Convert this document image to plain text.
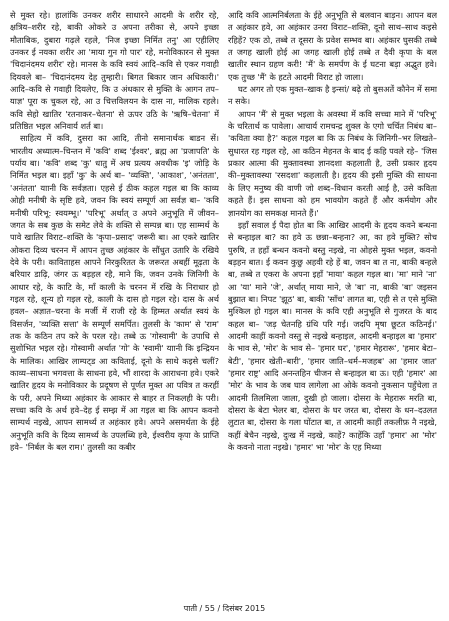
से मुक्त रहे। हालांकि उनकर शरीर साधारने आदमी के शरीर रहे, क्षत्रिय–शरीर रहे, बाकी ओकरे उ अपना तरीका से, अपने इच्छा मौताबिक, दुबारा गढ़ले रहले, 'निज इच्छा निर्मित तनु' आ एहीलिए उनकर ई नयका शरीर आ 'माया गुन गो पार' रहे, मनोविकारन से मुक्त 'चिदानंदमय शरीर' रहे। मानस के कवि स्वयं आदि–कवि से एकर गवाही दियवले बा– 'चिदानंदमय देह तुम्हारी। बिगत बिकार जान अधिकारी।' आदि–कवि से गवाही दियलेए, कि उ अंधकार से मुक्ति के आगन तप–याज्ञ' पूरा क चुकल रहे, आ उ चित्तविलयन के दास ना, मालिक रहले। कवि सेहो खातिर 'रतनाकर–चेतना' से ऊपर उठि के 'ऋषि–चेतना' में प्रतिष्ठित भइल अनिवार्य शर्त बा।

साहित्य में कवि, दुसरा का आदि, तीनो समानार्थक बाडन सें। भारतीय अध्यात्म–चिन्तन में 'कवि' शब्द 'ईश्वर', ब्रह्म आ 'प्रजापति' के पर्याय बा। 'कवि' शब्द 'कु' धातु में अच प्रत्यय अवधीक 'इ' जोड़ि के निर्मित भइल बा। इहाँ 'कु' के अर्थ बा– 'व्यक्ति', 'आकाश', 'अनंतता', 'अनंतता' याानी कि सर्वज्ञता। एहसे ई ठीक कहल गइल बा कि काव्य ओही मनीषी के सृष्टि हवे, जवन कि स्वयं सम्पूर्ण आ सर्वज्ञ बा– 'कवि मनीषी परिभू: स्वयम्भू।' 'परिभू' अर्थात् उ अपने अनुभूति में जीवन–जगत के सब कुछ के समेट लेवे के शक्ति से सम्पन्न बा। एह साम्मर्थ के पावे खातिर विराट–शक्ति के 'कृपा–प्रसाद' जरूरी बा। आ एकरे खातिर ओकरा दिव्य चरनन में आपन तुच्छ अहंकार के सौंधुत उतारि के रखिये देवे के परी। काविताहस आपने निरकुरितत के जरूरत अबहीं मूढ़ता के बरियार डाढ़ि, जंगर ऊ बड़हल रहै, माने कि, जवन उनके जिनिगी के आधार रहे, के काटि के, माँ काली के चरनन में रखि के निराधार हो गइल रहे, शून्य हो गइल रहे, काली के दास हो गइल रहे। दास के अर्थ हवल– अज्ञात–चरना के मर्जी में राजी रहे के हिम्मत अर्थात स्वयं के विसर्जन, 'व्यक्ति सत्ता' के सम्पूर्ण समर्पित। तुलसी के 'काम' से 'राम' तक के कठिन तप करे के परल रहे। तब्बे ऊ 'गोस्वामी' के उपाधि से सुशोभित भइल रहे। गोस्वामी अर्थात 'गो' के 'स्वामी' याानी कि इन्द्रियन के मालिक। आखिर लाम्पट्ड आ कविताई, दूनो के साथे कइसे चलीं? काव्य–साधना भगवत्ता के साधना हवे, भौं शारदा के आराधना हवे। एकरे खातिर हृदय के मनोविकार के प्रदूषण से पूर्णत मुक्त आ पवित्र त करहीं के परी, अपने मिथ्या अहंकार के आकार से बाहर त निकलही के परी। सच्चा कवि के अर्थ हवे–देह ई सम्झ में आ गइल बा कि आपन कवनो साम्पर्थ नइखे, आपन सामर्थ्य त अहंकार हवे। अपने असमर्थता के ईहे अनुभूति कवि के दिव्य सामर्थ्य के उपलब्धि हवे, ईश्वरीय कृपा के प्राप्ति हवे– 'निर्बल के बल राम।' तुलसी का कबीर

आदि कवि आत्मनिर्बलता के ईहे अनुभूति से बलवान बाड़न। आपन बल त अहंकार हवे, आ अहंकार उनरा विराट–शक्ति, दूनो साथ–साथ कइसे रहिहें? एक ठो, तब्बे त दूसरा के प्रवेश सम्भव बा। अहंकार घुसकी तब्बे त जगह खाली होई आ जगह खाली होई तब्बे त दैवी कृपा के बल खातीर स्थान ग्रहण करी! 'मैं' के समर्पण के ई घटना बड़ा अद्भुत हवे। एक तुच्छ 'मैं' के हटते आदमी विराट हो जाला।

घट अगर तो एक मुक्त–खाक है इन्सां/ बढ़े तो बुसअतें कौनेन में समा न सके।

आपन 'मैं' से मुक्त भइला के अवस्था में कवि सच्चा माने में 'परिभू' के चरितार्थ क पावेला। आचार्य रामचन्द्र शुक्ल के एगो चर्चित निबंध बा– 'कविता क्या है?' कहल गइल बा कि ऊ निबंध के जिनिगी–भर लिखते–सुधारत रह गइल रहे, आ कठिन मेहनत के बाद ई कहि पवले रहे– 'जिस प्रकार आत्मा की मुक्तावस्था ज्ञानदशा कहलाती है, उसी प्रकार हृदय की–मुक्तावस्था 'रसदशा' कहलाती है। हृदय की इसी मुक्ति की साधना के लिए मनुष्य की वाणी जो शब्द–विधान करती आई है, उसे कविता कहते हैं। इस साधना को हम भावयोग कहते हैं और कर्मयोग और ज्ञानयोग का समकक्ष मानते हैं।'

इहाँ सवाल ई पैदा होत बा कि आखिर आदमी के हृदय कवने बन्धना से बन्हाइल बा? का हवे ऊ छन्ना–बन्हना? आ, का हवे मुक्ति? सोच पुरुषि, त हहाँ बन्धन कवनो बस्तु नइखे, ना ओहसे मुक्त भइल, कवनो बड़हन बात। ई कवन कुछु अहवी रहे हें बा, जवन बा त ना, बाकी बन्हले बा, तब्बे त एकरा के अपना इहाँ 'माया' कहल गइल बा। 'मा' माने 'ना' आ 'या' माने 'जे', अर्थात् माया माने, जे 'बा' ना, बाकी 'बा' जइसन बुझात बा। निपट 'झूठ' बा, बाकी 'साँच' लागत बा, एही से त एसे मुक्ति मुश्किल हो गइल बा। मानस के कवि एही अनुभूति से गुजरत के बाद कहल बा– 'जड़ चेतनहि ग्रंथि परि गई। जदपि मृषा छूटत कठिनई।' आदमी काहीं कवनो वस्तु से नइखे बन्हाइल, आदमी बन्हाइल बा 'हमार' के भाव से, 'मोर' के भाव से– 'हमार घर', 'हमार मेहरारू', 'हमार बेटा–बेटी', 'हमार खेती–बारी', 'हमार जाति–धर्म–मजहब' आ 'हमार जात' 'हमार राष्ट्र' आदि अनन्तहिन चीजन से बन्हाइल बा ऊ। एही 'हमार' आ 'मोर' के भाव के जब घाव लागेला आ ओके कवनो नुकसान पहुँचेला त आदमी तिलमिला जाला, दुखी हो जाला। दोसरा के मेहरारू मरति बा, दोसरा के बेटा भेलर बा, दोसरा के घर जरत बा, दोसरा के धन–दउलत लुटात बा, दोसरा के गला घोंटात बा, त आदमी काहीं तकलीफ़ नै नइखे, कहीं बेचैन नइखे, दुःख में नइखे, काहें? काहेंकि उहाँ 'हमार' आ 'मोर' के कवनो नाता नइखे। 'हमार' भा 'मोर' के एह मिथ्या

पाती / 55 / दिसंबर 2015
